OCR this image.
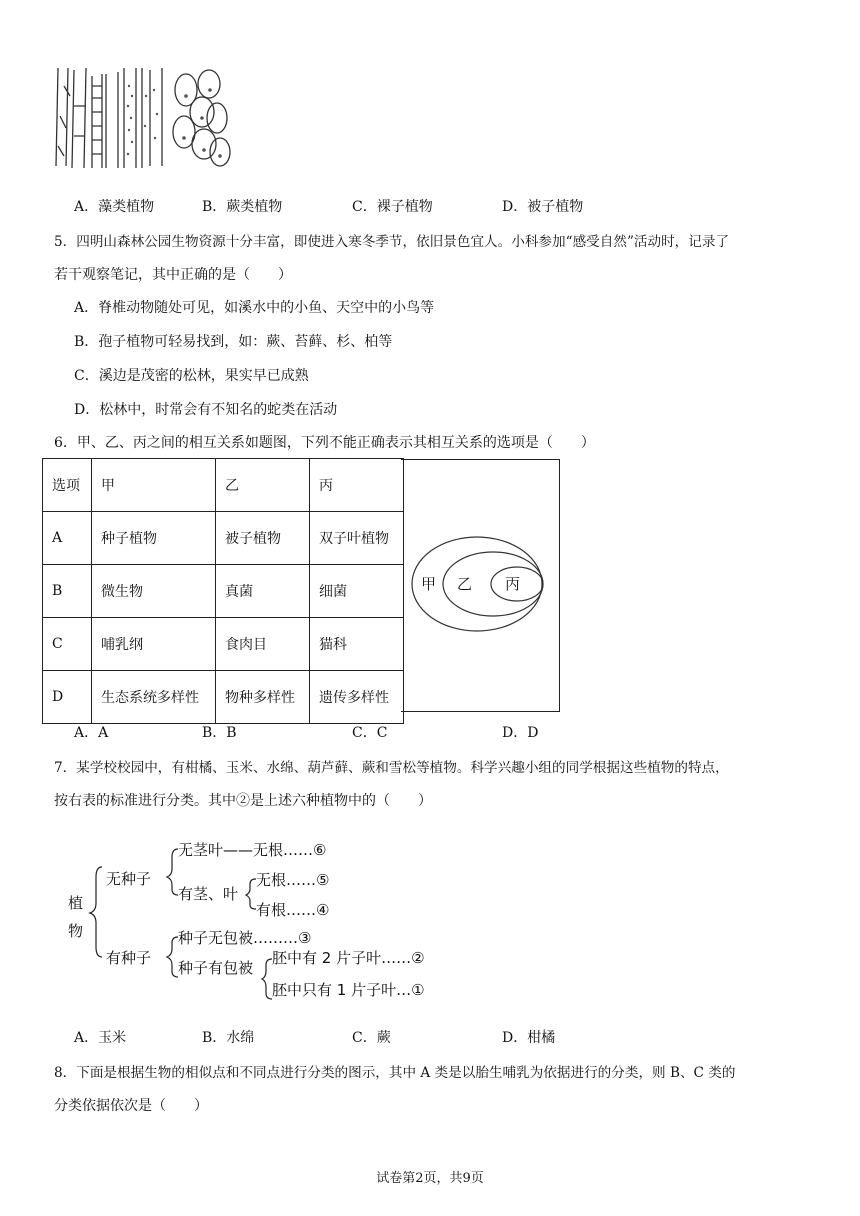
A．藻类植物	B．蕨类植物	C．裸子植物	D．被子植物
5．四明山森林公园生物资源十分丰富，即使进入寒冬季节，依旧景色宜人。小科参加“感受自然”活动时，记录了
若干观察笔记，其中正确的是（　　）
A．脊椎动物随处可见，如溪水中的小鱼、天空中的小鸟等
B．孢子植物可轻易找到，如：蕨、苔藓、杉、柏等
C．溪边是茂密的松林，果实早已成熟
D．松林中，时常会有不知名的蛇类在活动
6．甲、乙、丙之间的相互关系如题图，下列不能正确表示其相互关系的选项是（　　）
选项	甲	乙	丙
A	种子植物	被子植物	双子叶植物
B	微生物	真菌	细菌
C	哺乳纲	食肉目	猫科
D	生态系统多样性	物种多样性	遗传多样性
甲 乙 丙
A．A	B．B	C．C	D．D
7．某学校校园中，有柑橘、玉米、水绵、葫芦藓、蕨和雪松等植物。科学兴趣小组的同学根据这些植物的特点，
按右表的标准进行分类。其中②是上述六种植物中的（　　）
植物
无种子
无茎叶——无根……⑥
有茎、叶
无根……⑤
有根……④
有种子
种子无包被………③
种子有包被
胚中有 2 片子叶……②
胚中只有 1 片子叶…①
A．玉米	B．水绵	C．蕨	D．柑橘
8．下面是根据生物的相似点和不同点进行分类的图示，其中 A 类是以胎生哺乳为依据进行的分类，则 B、C 类的
分类依据依次是（　　）
试卷第2页，共9页
